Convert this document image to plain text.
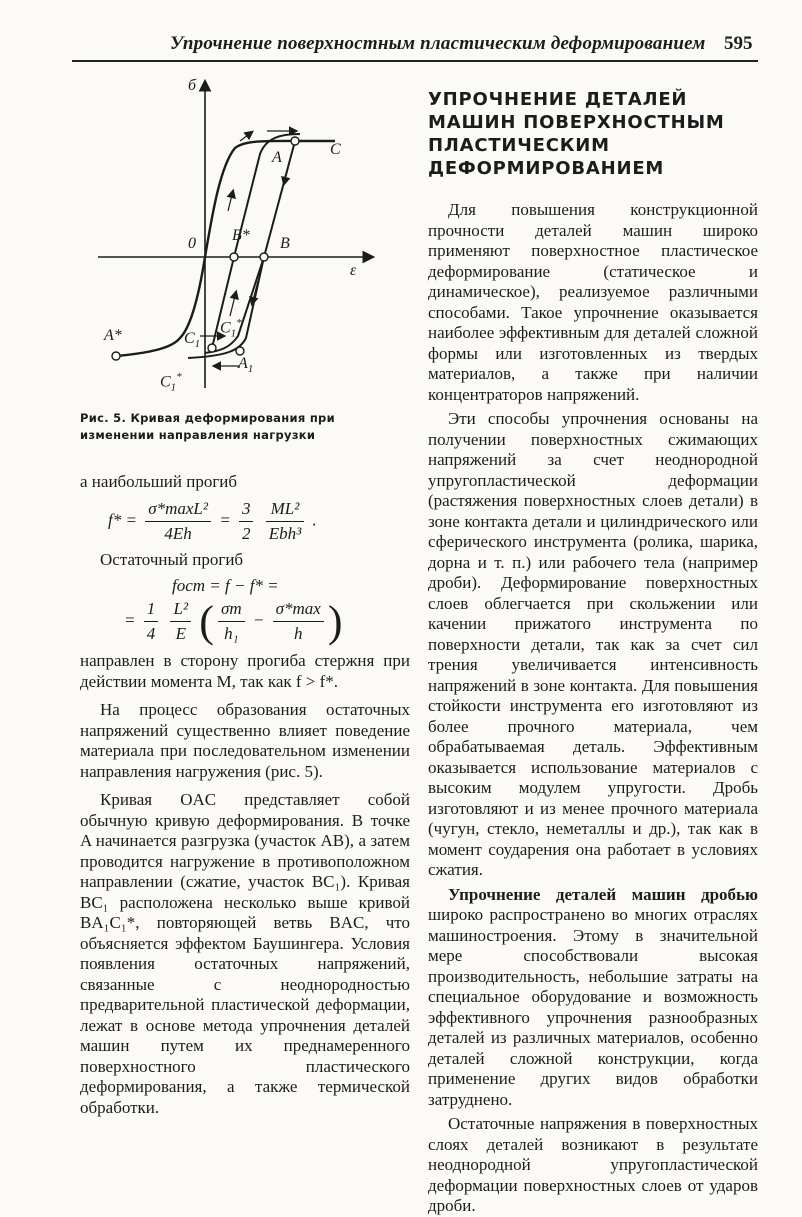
Упрочнение поверхностным пластическим деформированием 595
б
ε
0
A	C
B
B*
A*	$C_1$
$C_1^*$
$A_1$
$C_1^*$
Рис. 5. Кривая деформирования при изменении направления нагрузки

а наибольший прогиб

$f* = \frac{\text{σ*maxL²}}{4Eh} = \frac{3}{2}$
$\frac{\text{ML²}}{\text{Ebh³}}$ .

Остаточный прогиб

fост = f − f* =
= $\frac{1}{4}$
$\frac{\text{L²}}{E}$ ( $\frac{\sigma т}{\text{h₁}} - \frac{\sigma*\max}{h}$ )

направлен в сторону прогиба стержня при действии момента M, так как f > f*.

На процесс образования остаточных напряжений существенно влияет поведение материала при последовательном изменении направления нагружения (рис. 5).

Кривая OAC представляет собой обычную кривую деформирования. В точке A начинается разгрузка (участок AB), а затем проводится нагружение в противоположном направлении (сжатие, участок BC₁). Кривая BC₁ расположена несколько выше кривой BA₁C₁*, повторяющей ветвь BAC, что объясняется эффектом Баушингера. Условия появления остаточных напряжений, связанные с неоднородностью предварительной пластической деформации, лежат в основе метода упрочнения деталей машин путем их преднамеренного поверхностного пластического деформирования, а также термической обработки.

УПРОЧНЕНИЕ ДЕТАЛЕЙ МАШИН ПОВЕРХНОСТНЫМ ПЛАСТИЧЕСКИМ ДЕФОРМИРОВАНИЕМ

Для повышения конструкционной прочности деталей машин широко применяют поверхностное пластическое деформирование (статическое и динамическое), реализуемое различными способами. Такое упрочнение оказывается наиболее эффективным для деталей сложной формы или изготовленных из твердых материалов, а также при наличии концентраторов напряжений.

Эти способы упрочнения основаны на получении поверхностных сжимающих напряжений за счет неоднородной упругопластической деформации (растяжения поверхностных слоев детали) в зоне контакта детали и цилиндрического или сферического инструмента (ролика, шарика, дорна и т. п.) или рабочего тела (например дроби). Деформирование поверхностных слоев облегчается при скольжении или качении прижатого инструмента по поверхности детали, так как за счет сил трения увеличивается интенсивность напряжений в зоне контакта. Для повышения стойкости инструмента его изготовляют из более прочного материала, чем обрабатываемая деталь. Эффективным оказывается использование материалов с высоким модулем упругости. Дробь изготовляют и из менее прочного материала (чугун, стекло, неметаллы и др.), так как в момент соударения она работает в условиях сжатия.

Упрочнение деталей машин дробью широко распространено во многих отраслях машиностроения. Этому в значительной мере способствовали высокая производительность, небольшие затраты на специальное оборудование и возможность эффективного упрочнения разнообразных деталей из различных материалов, особенно деталей сложной конструкции, когда применение других видов обработки затруднено.

Остаточные напряжения в поверхностных слоях деталей возникают в результате неоднородной упругопластической деформации поверхностных слоев от ударов дроби.
